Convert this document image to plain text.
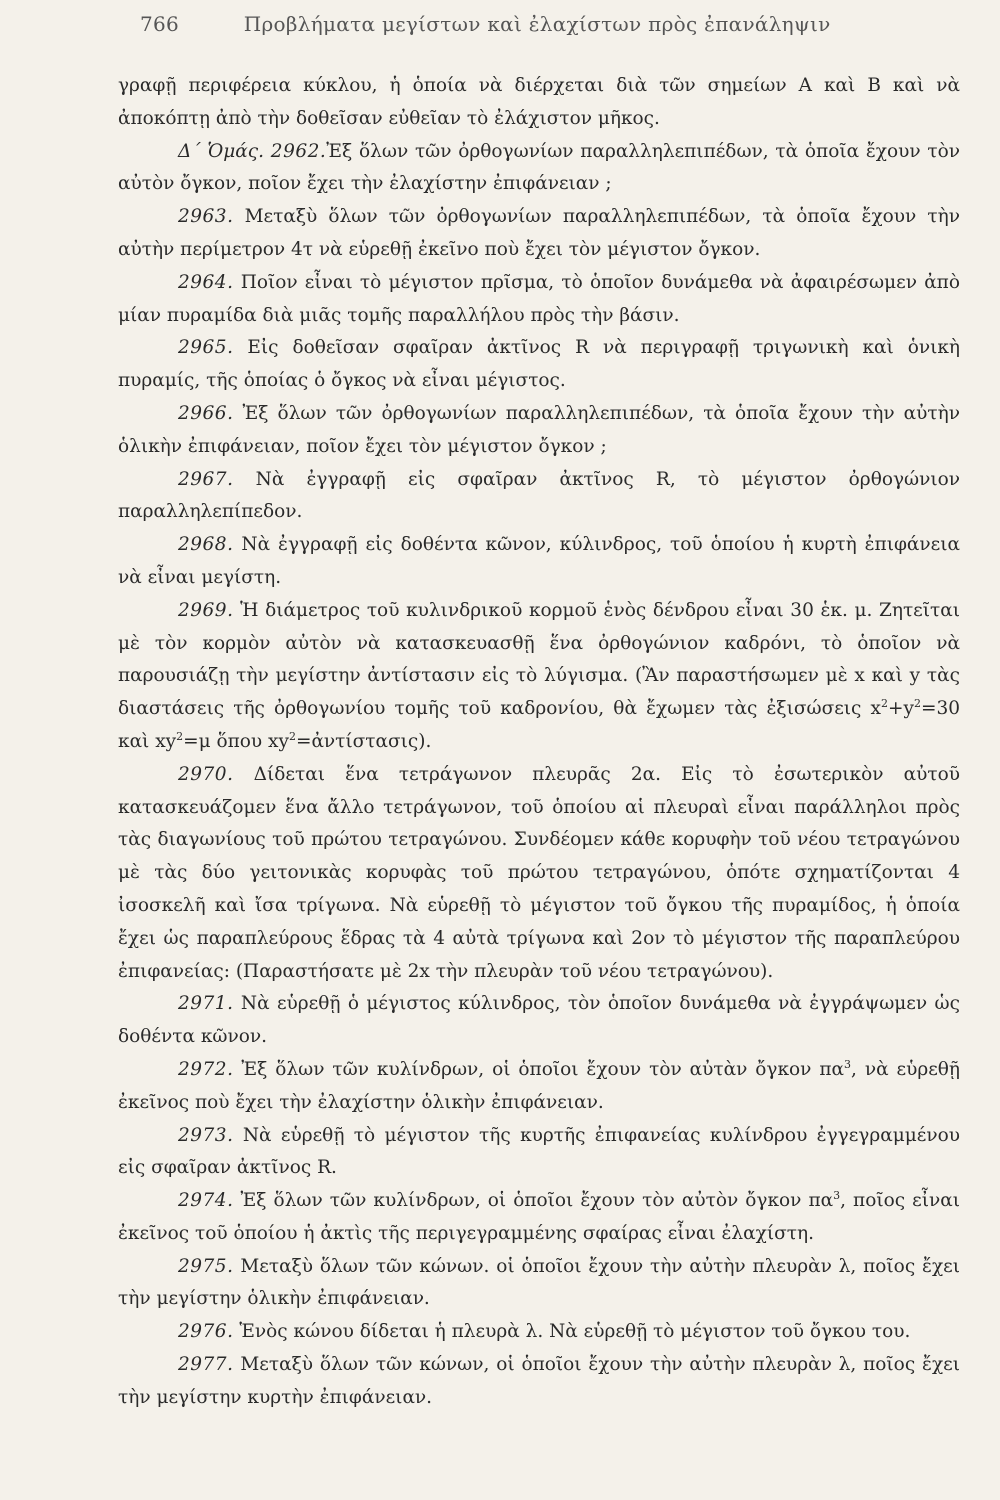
766	Προβλήματα μεγίστων καὶ ἐλαχίστων πρὸς ἐπανάληψιν

γραφῇ περιφέρεια κύκλου, ἡ ὁποία νὰ διέρχεται διὰ τῶν σημείων Α καὶ Β καὶ νὰ ἀποκόπτῃ ἀπὸ τὴν δοθεῖσαν εὐθεῖαν τὸ ἐλάχιστον μῆκος.

Δ΄ Ὁμάς. 2962.Ἐξ ὅλων τῶν ὀρθογωνίων παραλληλεπιπέδων, τὰ ὁποῖα ἔχουν τὸν αὐτὸν ὄγκον, ποῖον ἔχει τὴν ἐλαχίστην ἐπιφάνειαν ;

2963. Μεταξὺ ὅλων τῶν ὀρθογωνίων παραλληλεπιπέδων, τὰ ὁποῖα ἔχουν τὴν αὐτὴν περίμετρον 4τ νὰ εὑρεθῇ ἐκεῖνο ποὺ ἔχει τὸν μέγιστον ὄγκον.

2964. Ποῖον εἶναι τὸ μέγιστον πρῖσμα, τὸ ὁποῖον δυνάμεθα νὰ ἀφαιρέσωμεν ἀπὸ μίαν πυραμίδα διὰ μιᾶς τομῆς παραλλήλου πρὸς τὴν βάσιν.

2965. Εἰς δοθεῖσαν σφαῖραν ἀκτῖνος R νὰ περιγραφῇ τριγωνικὴ καὶ ὁνικὴ πυραμίς, τῆς ὁποίας ὁ ὄγκος νὰ εἶναι μέγιστος.

2966. Ἐξ ὅλων τῶν ὀρθογωνίων παραλληλεπιπέδων, τὰ ὁποῖα ἔχουν τὴν αὐτὴν ὁλικὴν ἐπιφάνειαν, ποῖον ἔχει τὸν μέγιστον ὄγκον ;

2967. Νὰ ἐγγραφῇ εἰς σφαῖραν ἀκτῖνος R, τὸ μέγιστον ὀρθογώνιον παραλληλεπίπεδον.

2968. Νὰ ἐγγραφῇ εἰς δοθέντα κῶνον, κύλινδρος, τοῦ ὁποίου ἡ κυρτὴ ἐπιφάνεια νὰ εἶναι μεγίστη.

2969. Ἡ διάμετρος τοῦ κυλινδρικοῦ κορμοῦ ἑνὸς δένδρου εἶναι 30 ἑκ. μ. Ζητεῖται μὲ τὸν κορμὸν αὐτὸν νὰ κατασκευασθῇ ἕνα ὀρθογώνιον καδρόνι, τὸ ὁποῖον νὰ παρουσιάζῃ τὴν μεγίστην ἀντίστασιν εἰς τὸ λύγισμα. (Ἂν παραστήσωμεν μὲ x καὶ y τὰς διαστάσεις τῆς ὀρθογωνίου τομῆς τοῦ καδρονίου, θὰ ἔχωμεν τὰς ἐξισώσεις $x^2+y^2=30$ καὶ $xy^2=\mu$ ὅπου $xy^2=ἀ\nu\tau ί\sigma\tau\alpha\sigma\iota\varsigma$).

2970. Δίδεται ἕνα τετράγωνον πλευρᾶς 2α. Εἰς τὸ ἐσωτερικὸν αὐτοῦ κατασκευάζομεν ἕνα ἄλλο τετράγωνον, τοῦ ὁποίου αἱ πλευραὶ εἶναι παράλληλοι πρὸς τὰς διαγωνίους τοῦ πρώτου τετραγώνου. Συνδέομεν κάθε κορυφὴν τοῦ νέου τετραγώνου μὲ τὰς δύο γειτονικὰς κορυφὰς τοῦ πρώτου τετραγώνου, ὁπότε σχηματίζονται 4 ἰσοσκελῆ καὶ ἴσα τρίγωνα. Νὰ εὑρεθῇ τὸ μέγιστον τοῦ ὄγκου τῆς πυραμίδος, ἡ ὁποία ἔχει ὡς παραπλεύρους ἕδρας τὰ 4 αὐτὰ τρίγωνα καὶ 2ον τὸ μέγιστον τῆς παραπλεύρου ἐπιφανείας: (Παραστήσατε μὲ 2x τὴν πλευρὰν τοῦ νέου τετραγώνου).

2971. Νὰ εὑρεθῇ ὁ μέγιστος κύλινδρος, τὸν ὁποῖον δυνάμεθα νὰ ἐγγράψωμεν ὡς δοθέντα κῶνον.

2972. Ἐξ ὅλων τῶν κυλίνδρων, οἱ ὁποῖοι ἔχουν τὸν αὐτὰν ὄγκον $\pi\alpha^3$, νὰ εὑρεθῇ ἐκεῖνος ποὺ ἔχει τὴν ἐλαχίστην ὁλικὴν ἐπιφάνειαν.

2973. Νὰ εὑρεθῇ τὸ μέγιστον τῆς κυρτῆς ἐπιφανείας κυλίνδρου ἐγγεγραμμένου εἰς σφαῖραν ἀκτῖνος R.

2974. Ἐξ ὅλων τῶν κυλίνδρων, οἱ ὁποῖοι ἔχουν τὸν αὐτὸν ὄγκον $\pi\alpha^3$, ποῖος εἶναι ἐκεῖνος τοῦ ὁποίου ἡ ἀκτὶς τῆς περιγεγραμμένης σφαίρας εἶναι ἐλαχίστη.

2975. Μεταξὺ ὅλων τῶν κώνων. οἱ ὁποῖοι ἔχουν τὴν αὐτὴν πλευρὰν λ, ποῖος ἔχει τὴν μεγίστην ὁλικὴν ἐπιφάνειαν.

2976. Ἑνὸς κώνου δίδεται ἡ πλευρὰ λ. Νὰ εὑρεθῇ τὸ μέγιστον τοῦ ὄγκου του.

2977. Μεταξὺ ὅλων τῶν κώνων, οἱ ὁποῖοι ἔχουν τὴν αὐτὴν πλευρὰν λ, ποῖος ἔχει τὴν μεγίστην κυρτὴν ἐπιφάνειαν.
